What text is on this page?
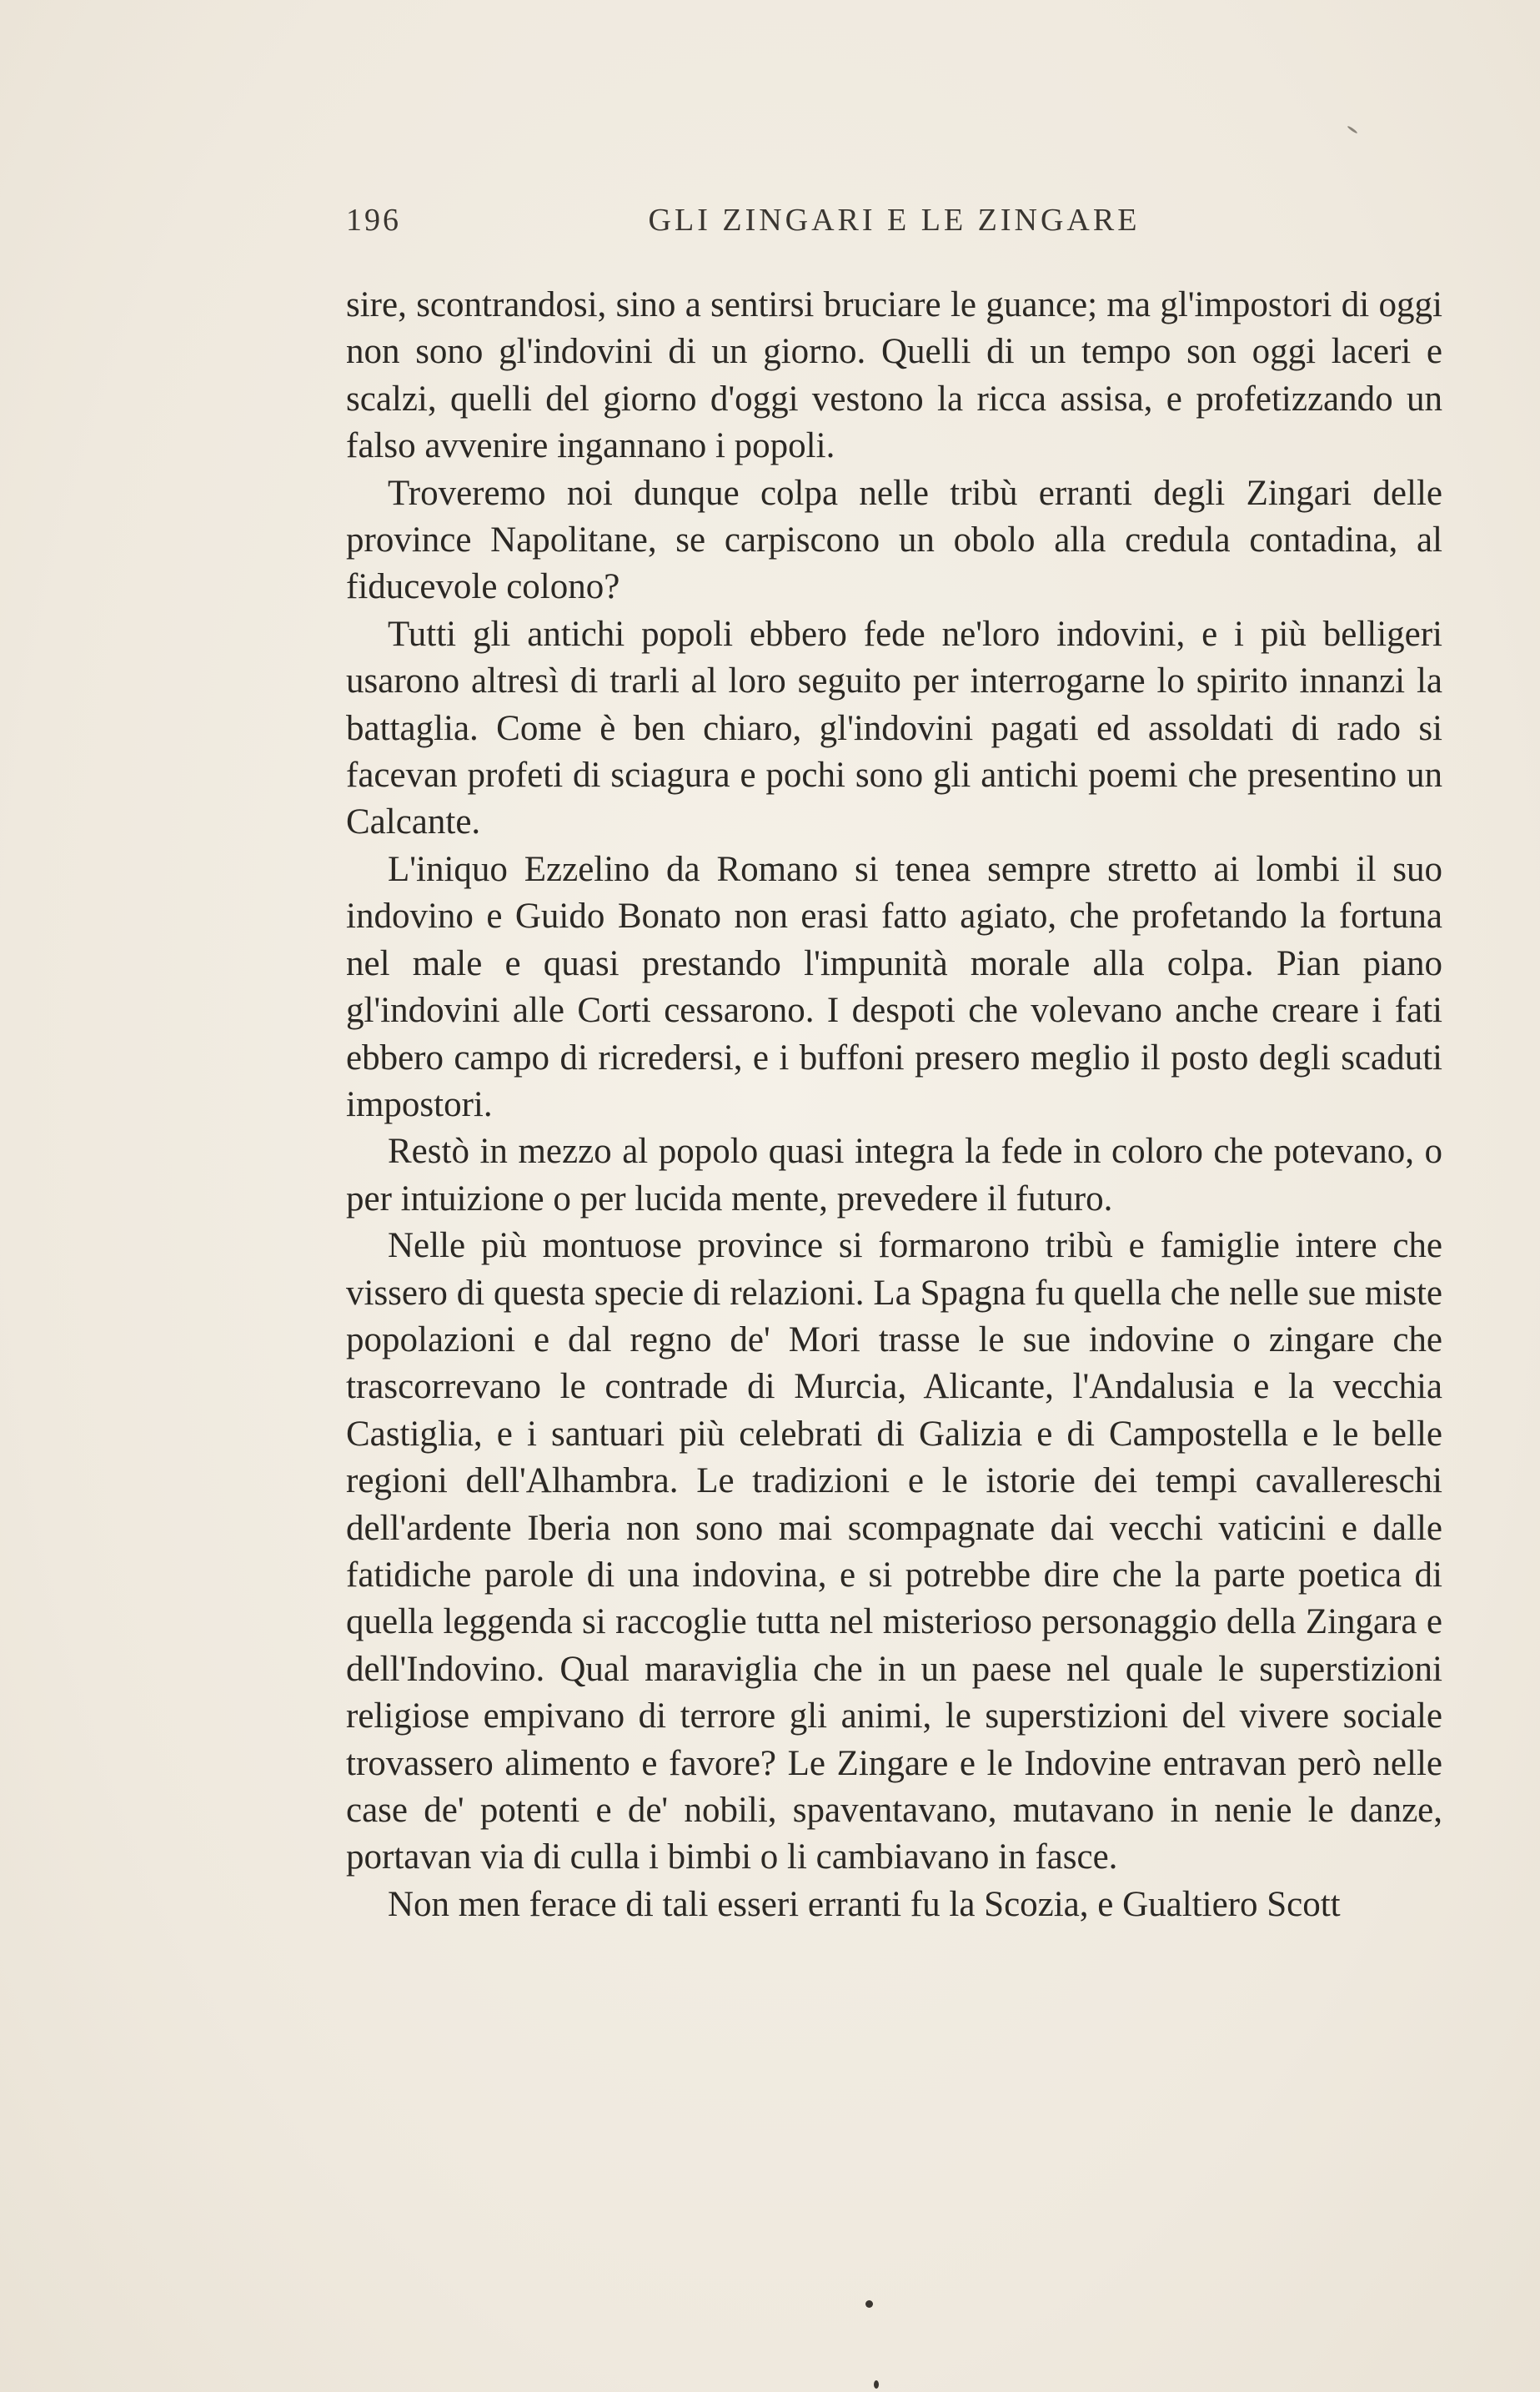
196	GLI ZINGARI E LE ZINGARE

sire, scontrandosi, sino a sentirsi bruciare le guance; ma gl'impostori di oggi non sono gl'indovini di un giorno. Quelli di un tempo son oggi laceri e scalzi, quelli del giorno d'oggi vestono la ricca assisa, e profetizzando un falso avvenire ingannano i popoli.

Troveremo noi dunque colpa nelle tribù erranti degli Zingari delle province Napolitane, se carpiscono un obolo alla credula contadina, al fiducevole colono?

Tutti gli antichi popoli ebbero fede ne'loro indovini, e i più belligeri usarono altresì di trarli al loro seguito per interrogarne lo spirito innanzi la battaglia. Come è ben chiaro, gl'indovini pagati ed assoldati di rado si facevan profeti di sciagura e pochi sono gli antichi poemi che presentino un Calcante.

L'iniquo Ezzelino da Romano si tenea sempre stretto ai lombi il suo indovino e Guido Bonato non erasi fatto agiato, che profetando la fortuna nel male e quasi prestando l'impunità morale alla colpa. Pian piano gl'indovini alle Corti cessarono. I despoti che volevano anche creare i fati ebbero campo di ricredersi, e i buffoni presero meglio il posto degli scaduti impostori.

Restò in mezzo al popolo quasi integra la fede in coloro che potevano, o per intuizione o per lucida mente, prevedere il futuro.

Nelle più montuose province si formarono tribù e famiglie intere che vissero di questa specie di relazioni. La Spagna fu quella che nelle sue miste popolazioni e dal regno de' Mori trasse le sue indovine o zingare che trascorrevano le contrade di Murcia, Alicante, l'Andalusia e la vecchia Castiglia, e i santuari più celebrati di Galizia e di Campostella e le belle regioni dell'Alhambra. Le tradizioni e le istorie dei tempi cavallereschi dell'ardente Iberia non sono mai scompagnate dai vecchi vaticini e dalle fatidiche parole di una indovina, e si potrebbe dire che la parte poetica di quella leggenda si raccoglie tutta nel misterioso personaggio della Zingara e dell'Indovino. Qual maraviglia che in un paese nel quale le superstizioni religiose empivano di terrore gli animi, le superstizioni del vivere sociale trovassero alimento e favore? Le Zingare e le Indovine entravan però nelle case de' potenti e de' nobili, spaventavano, mutavano in nenie le danze, portavan via di culla i bimbi o li cambiavano in fasce.

Non men ferace di tali esseri erranti fu la Scozia, e Gualtiero Scott
